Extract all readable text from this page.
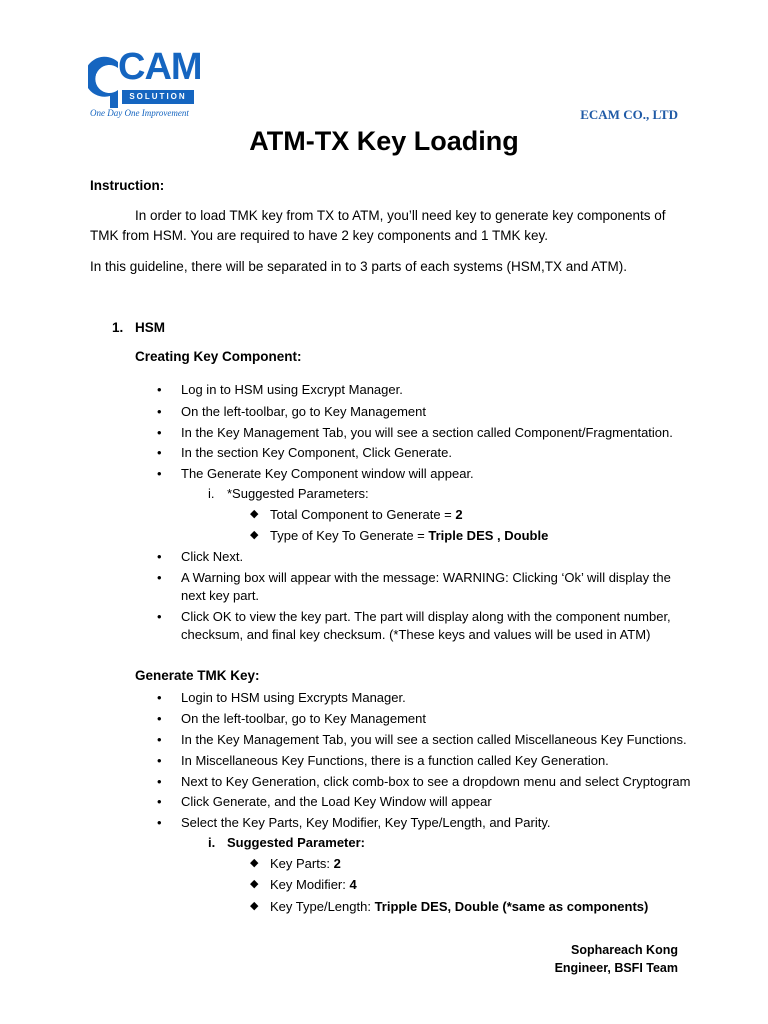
CAM
SOLUTION
One Day One Improvement	ECAM CO., LTD
ATM-TX Key Loading
Instruction:
In order to load TMK key from TX to ATM, you’ll need key to generate key components of TMK from HSM. You are required to have 2 key components and 1 TMK key.
In this guideline, there will be separated in to 3 parts of each systems (HSM,TX and ATM).
1. HSM
Creating Key Component:
• Log in to HSM using Excrypt Manager.
• On the left-toolbar, go to Key Management
• In the Key Management Tab, you will see a section called Component/Fragmentation.
• In the section Key Component, Click Generate.
• The Generate Key Component window will appear.
i. *Suggested Parameters:
◆ Total Component to Generate = 2
◆ Type of Key To Generate = Triple DES , Double
• Click Next.
• A Warning box will appear with the message: WARNING: Clicking ‘Ok’ will display the next key part.
• Click OK to view the key part. The part will display along with the component number, checksum, and final key checksum. (*These keys and values will be used in ATM)
Generate TMK Key:
• Login to HSM using Excrypts Manager.
• On the left-toolbar, go to Key Management
• In the Key Management Tab, you will see a section called Miscellaneous Key Functions.
• In Miscellaneous Key Functions, there is a function called Key Generation.
• Next to Key Generation, click comb-box to see a dropdown menu and select Cryptogram
• Click Generate, and the Load Key Window will appear
• Select the Key Parts, Key Modifier, Key Type/Length, and Parity.
i. Suggested Parameter:
◆ Key Parts: 2
◆ Key Modifier: 4
◆ Key Type/Length: Tripple DES, Double (*same as components)
Sophareach Kong
Engineer, BSFI Team
